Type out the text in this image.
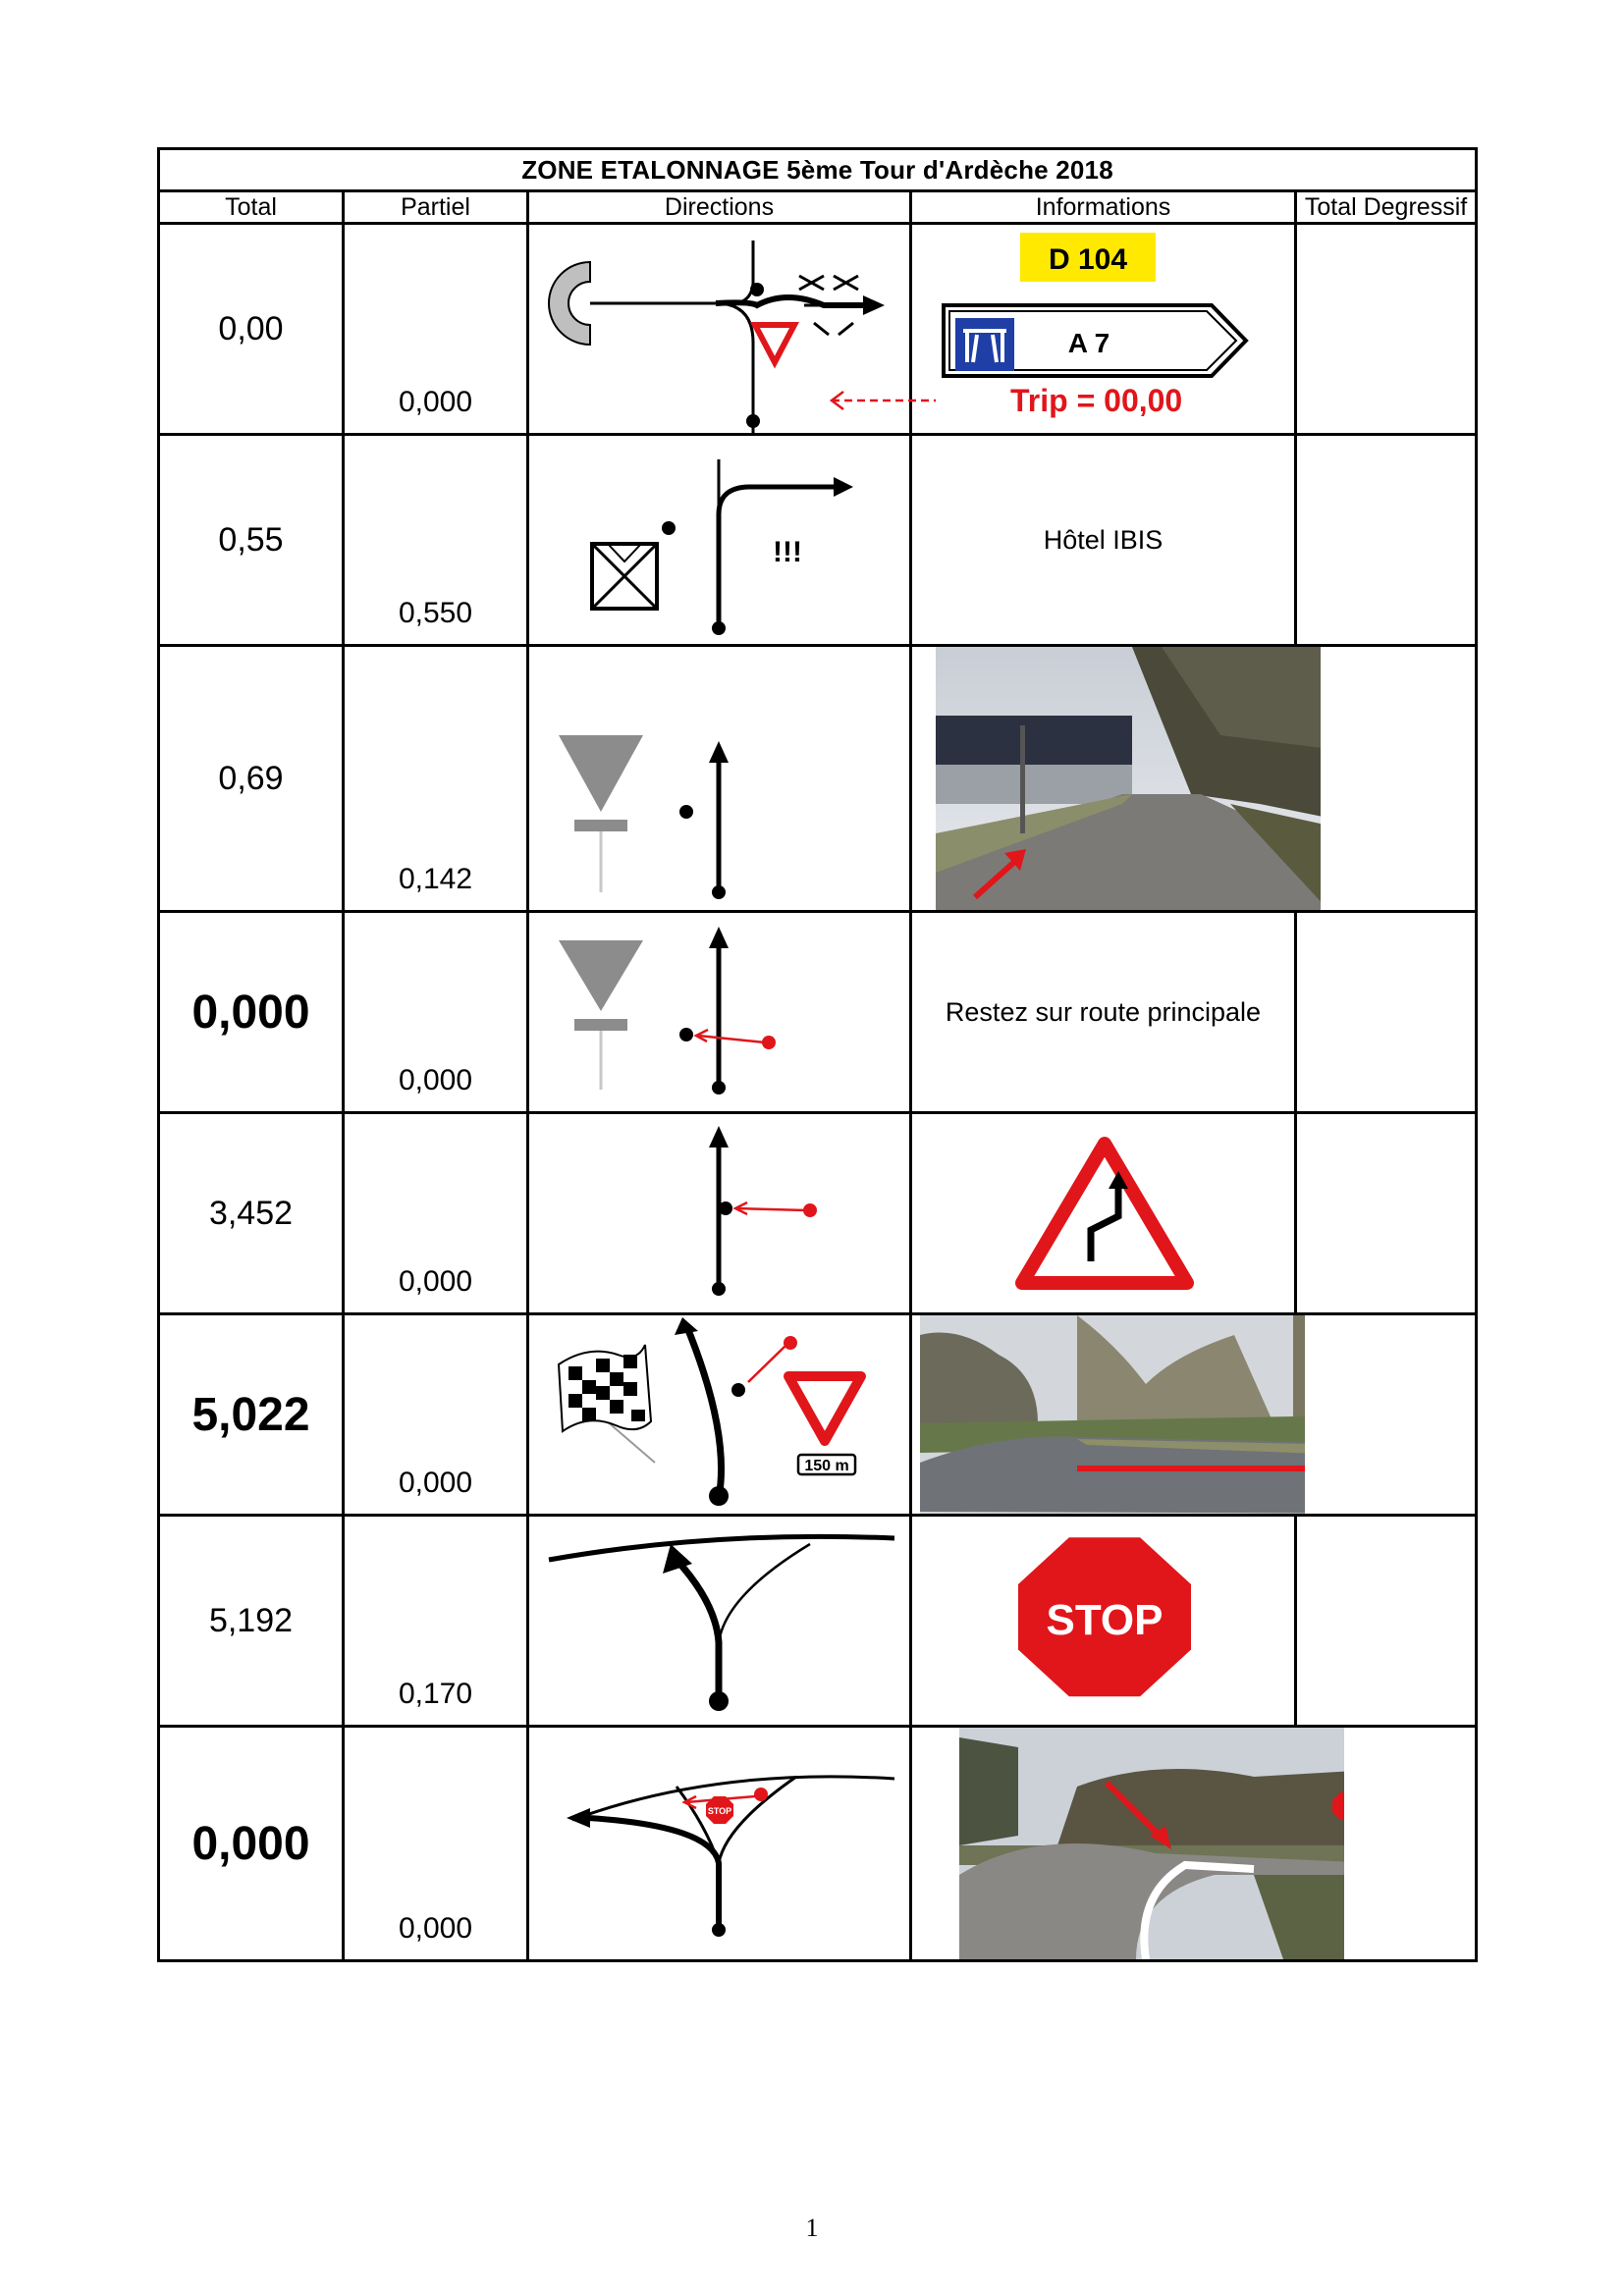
ZONE ETALONNAGE 5ème Tour d'Ardèche 2018				
Total	Partiel	Directions	Informations	Total Degressif
0,00	0,000		D 104
A 7
Trip = 00,00	

0,55	0,550	!!!	Hôtel IBIS	
0,69	0,142

0,000	0,000		Restez sur route principale	
3,452	0,000

5,022	0,000	150 m

5,192	0,170		STOP	

0,000	0,000	STOP

1
